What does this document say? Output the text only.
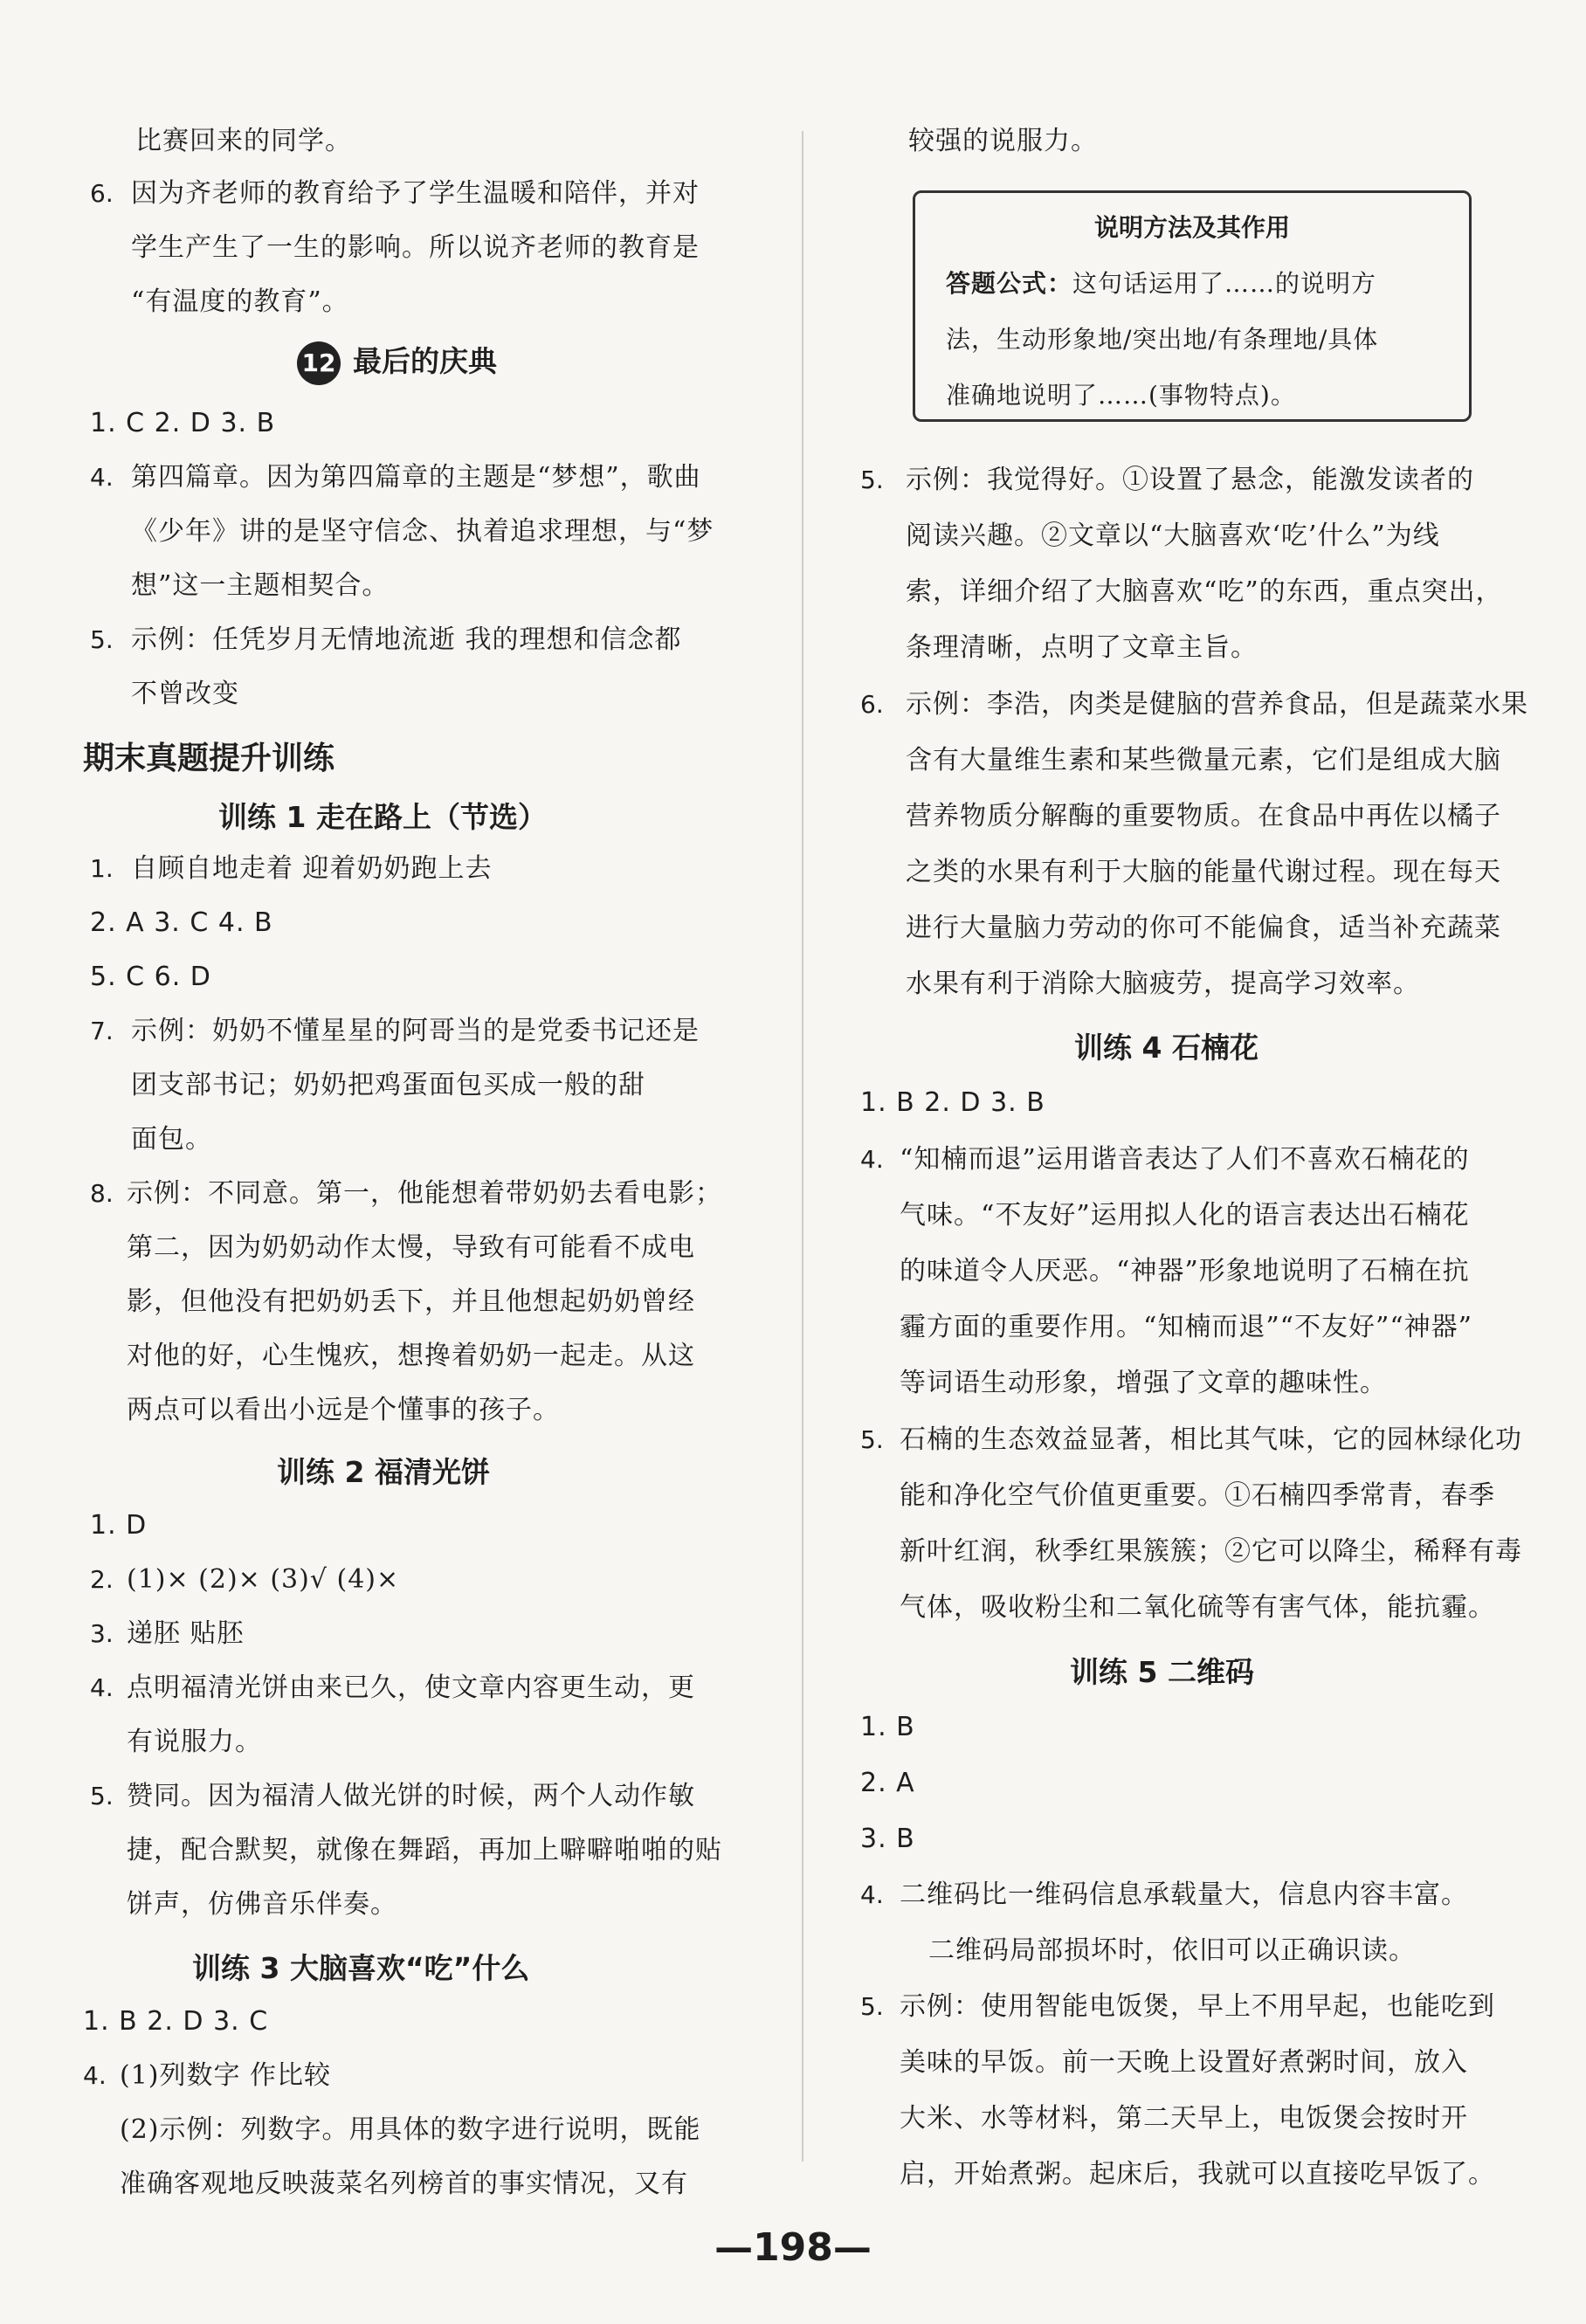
比赛回来的同学。
6. 因为齐老师的教育给予了学生温暖和陪伴，并对
学生产生了一生的影响。所以说齐老师的教育是
“有温度的教育”。
12 最后的庆典
1. C 2. D 3. B
4. 第四篇章。因为第四篇章的主题是“梦想”，歌曲
《少年》讲的是坚守信念、执着追求理想，与“梦
想”这一主题相契合。
5. 示例：任凭岁月无情地流逝 我的理想和信念都
不曾改变
期末真题提升训练
训练 1 走在路上（节选）
1. 自顾自地走着 迎着奶奶跑上去
2. A 3. C 4. B
5. C 6. D
7. 示例：奶奶不懂星星的阿哥当的是党委书记还是
团支部书记；奶奶把鸡蛋面包买成一般的甜
面包。
8. 示例：不同意。第一，他能想着带奶奶去看电影；
第二，因为奶奶动作太慢，导致有可能看不成电
影，但他没有把奶奶丢下，并且他想起奶奶曾经
对他的好，心生愧疚，想搀着奶奶一起走。从这
两点可以看出小远是个懂事的孩子。
训练 2 福清光饼
1. D
2. (1)× (2)× (3)√ (4)×
3. 递胚 贴胚
4. 点明福清光饼由来已久，使文章内容更生动，更
有说服力。
5. 赞同。因为福清人做光饼的时候，两个人动作敏
捷，配合默契，就像在舞蹈，再加上噼噼啪啪的贴
饼声，仿佛音乐伴奏。
训练 3 大脑喜欢“吃”什么
1. B 2. D 3. C
4. (1)列数字 作比较
(2)示例：列数字。用具体的数字进行说明，既能
准确客观地反映菠菜名列榜首的事实情况，又有
较强的说服力。
说明方法及其作用
答题公式：这句话运用了……的说明方
法，生动形象地/突出地/有条理地/具体
准确地说明了……(事物特点)。
5. 示例：我觉得好。①设置了悬念，能激发读者的
阅读兴趣。②文章以“大脑喜欢‘吃’什么”为线
索，详细介绍了大脑喜欢“吃”的东西，重点突出，
条理清晰，点明了文章主旨。
6. 示例：李浩，肉类是健脑的营养食品，但是蔬菜水果
含有大量维生素和某些微量元素，它们是组成大脑
营养物质分解酶的重要物质。在食品中再佐以橘子
之类的水果有利于大脑的能量代谢过程。现在每天
进行大量脑力劳动的你可不能偏食，适当补充蔬菜
水果有利于消除大脑疲劳，提高学习效率。
训练 4 石楠花
1. B 2. D 3. B
4. “知楠而退”运用谐音表达了人们不喜欢石楠花的
气味。“不友好”运用拟人化的语言表达出石楠花
的味道令人厌恶。“神器”形象地说明了石楠在抗
霾方面的重要作用。“知楠而退”“不友好”“神器”
等词语生动形象，增强了文章的趣味性。
5. 石楠的生态效益显著，相比其气味，它的园林绿化功
能和净化空气价值更重要。①石楠四季常青，春季
新叶红润，秋季红果簇簇；②它可以降尘，稀释有毒
气体，吸收粉尘和二氧化硫等有害气体，能抗霾。
训练 5 二维码
1. B
2. A
3. B
4. 二维码比一维码信息承载量大，信息内容丰富。
二维码局部损坏时，依旧可以正确识读。
5. 示例：使用智能电饭煲，早上不用早起，也能吃到
美味的早饭。前一天晚上设置好煮粥时间，放入
大米、水等材料，第二天早上，电饭煲会按时开
启，开始煮粥。起床后，我就可以直接吃早饭了。
—198—
